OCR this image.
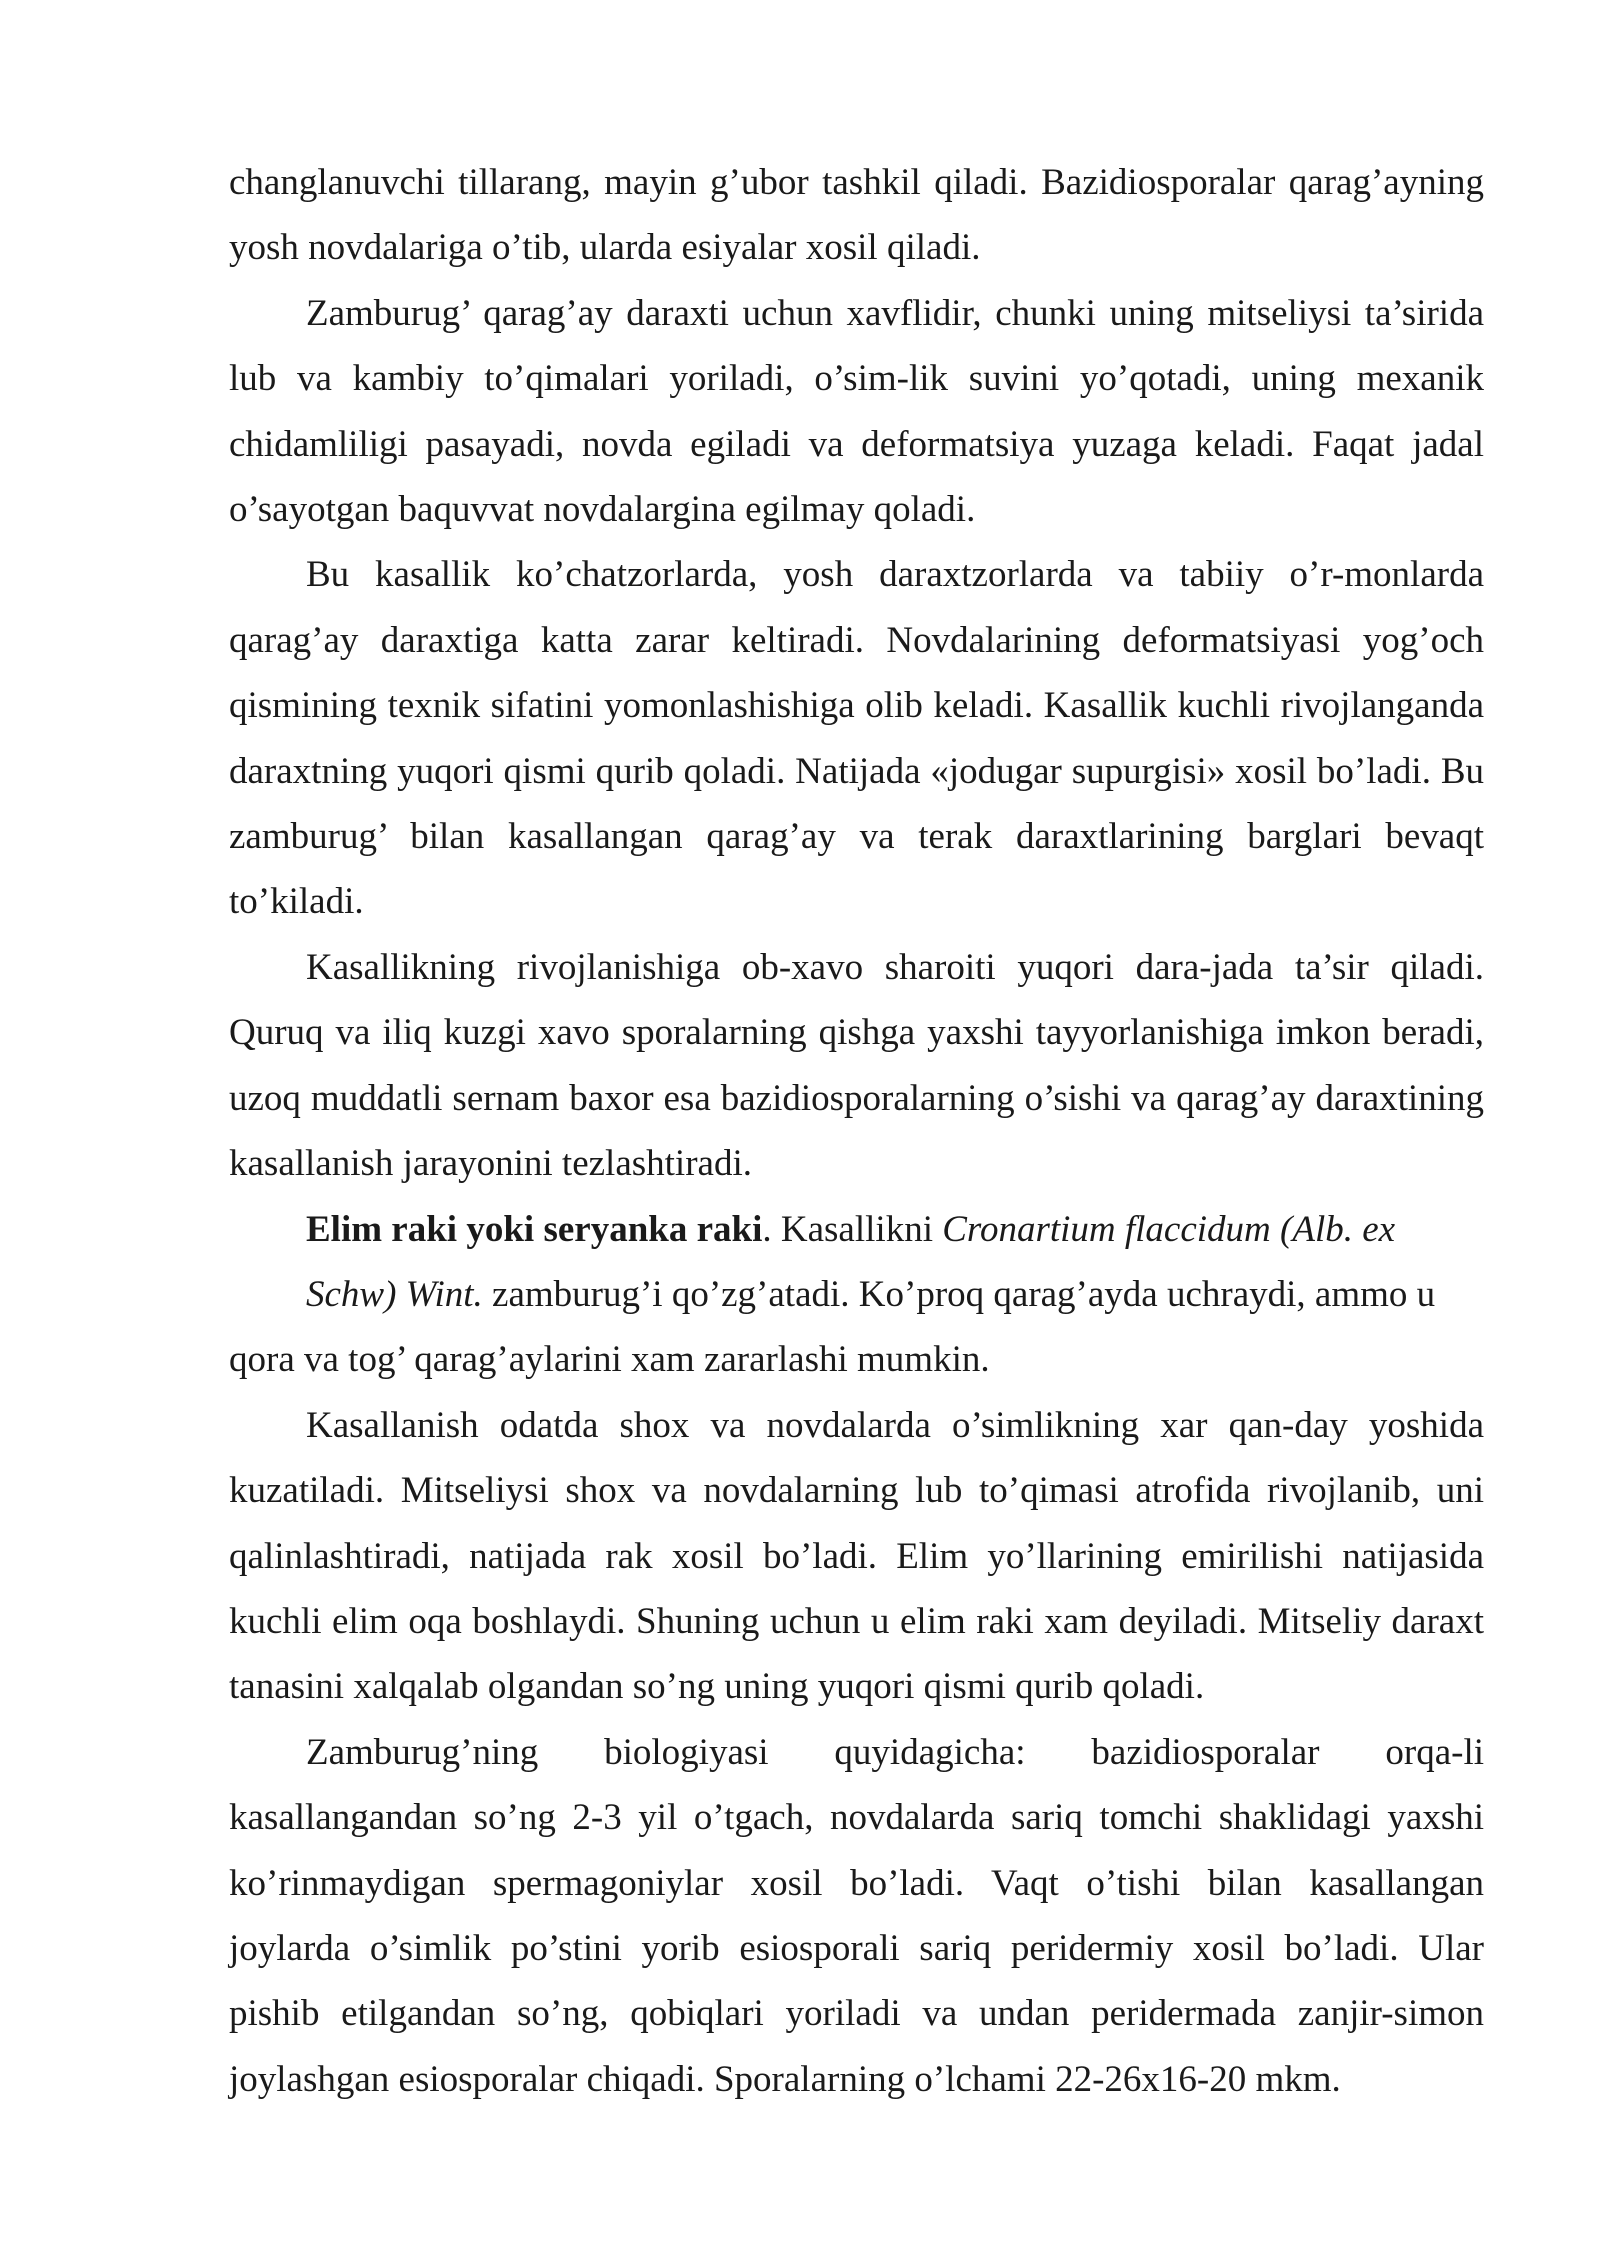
changlanuvchi tillarang, mayin g’ubor tashkil qiladi. Bazidiosporalar qarag’ayning yosh novdalariga o’tib, ularda esiyalar xosil qiladi.

Zamburug’ qarag’ay daraxti uchun xavflidir, chunki uning mitseliysi ta’sirida lub va kambiy to’qimalari yoriladi, o’sim-lik suvini yo’qotadi, uning mexanik chidamliligi pasayadi, novda egiladi va deformatsiya yuzaga keladi. Faqat jadal o’sayotgan baquvvat novdalargina egilmay qoladi.

Bu kasallik ko’chatzorlarda, yosh daraxtzorlarda va tabiiy o’r-monlarda qarag’ay daraxtiga katta zarar keltiradi. Novdalarining deformatsiyasi yog’och qismining texnik sifatini yomonlashishiga olib keladi. Kasallik kuchli rivojlanganda daraxtning yuqori qismi qurib qoladi. Natijada «jodugar supurgisi» xosil bo’ladi. Bu zamburug’ bilan kasallangan qarag’ay va terak daraxtlarining barglari bevaqt to’kiladi.

Kasallikning rivojlanishiga ob-xavo sharoiti yuqori dara-jada ta’sir qiladi. Quruq va iliq kuzgi xavo sporalarning qishga yaxshi tayyorlanishiga imkon beradi, uzoq muddatli sernam baxor esa bazidiosporalarning o’sishi va qarag’ay daraxtining kasallanish jarayonini tezlashtiradi.

Elim raki yoki seryanka raki. Kasallikni Cronartium flaccidum (Alb. ex
Schw) Wint. zamburug’i qo’zg’atadi. Ko’proq qarag’ayda uchraydi, ammo u
qora va tog’ qarag’aylarini xam zararlashi mumkin.

Kasallanish odatda shox va novdalarda o’simlikning xar qan-day yoshida kuzatiladi. Mitseliysi shox va novdalarning lub to’qimasi atrofida rivojlanib, uni qalinlashtiradi, natijada rak xosil bo’ladi. Elim yo’llarining emirilishi natijasida kuchli elim oqa boshlaydi. Shuning uchun u elim raki xam deyiladi. Mitseliy daraxt tanasini xalqalab olgandan so’ng uning yuqori qismi qurib qoladi.

Zamburug’ning biologiyasi quyidagicha: bazidiosporalar orqa-li kasallangandan so’ng 2-3 yil o’tgach, novdalarda sariq tomchi shaklidagi yaxshi ko’rinmaydigan spermagoniylar xosil bo’ladi. Vaqt o’tishi bilan kasallangan joylarda o’simlik po’stini yorib esiosporali sariq peridermiy xosil bo’ladi. Ular pishib etilgandan so’ng, qobiqlari yoriladi va undan peridermada zanjir-simon joylashgan esiosporalar chiqadi. Sporalarning o’lchami 22-26x16-20 mkm.
